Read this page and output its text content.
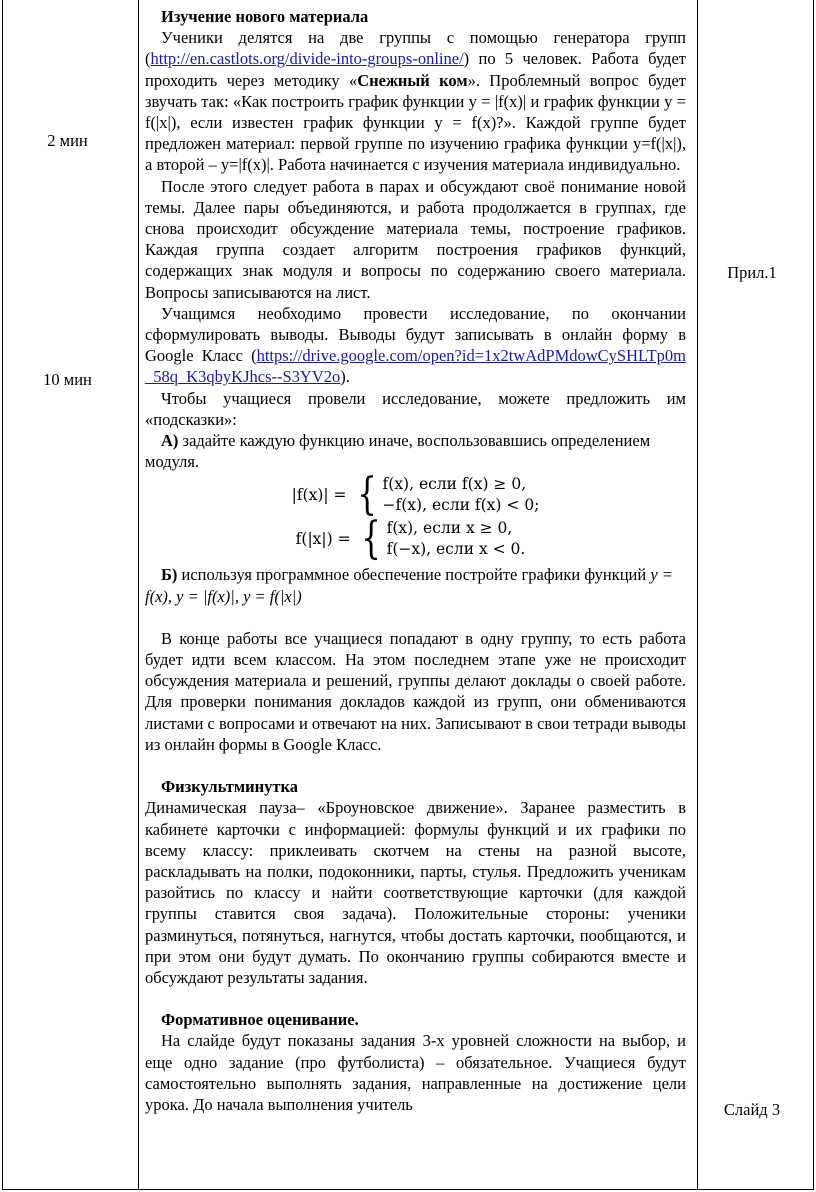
2 мин
10 мин
Прил.1
Слайд 3
Изучение нового материала

Ученики делятся на две группы с помощью генератора групп (http://en.castlots.org/divide-into-groups-online/) по 5 человек. Работа будет проходить через методику «Снежный ком». Проблемный вопрос будет звучать так: «Как построить график функции y = |f(x)| и график функции y = f(|x|), если известен график функции y = f(x)?». Каждой группе будет предложен материал: первой группе по изучению графика функции y=f(|x|), а второй – y=|f(x)|. Работа начинается с изучения материала индивидуально.

После этого следует работа в парах и обсуждают своё понимание новой темы. Далее пары объединяются, и работа продолжается в группах, где снова происходит обсуждение материала темы, построение графиков. Каждая группа создает алгоритм построения графиков функций, содержащих знак модуля и вопросы по содержанию своего материала. Вопросы записываются на лист.

Учащимся необходимо провести исследование, по окончании сформулировать выводы. Выводы будут записывать в онлайн форму в Google Класс (https://drive.google.com/open?id=1x2twAdPMdowCySHLTp0m_58q_K3qbyKJhcs--S3YV2o).

Чтобы учащиеся провели исследование, можете предложить им «подсказки»:

А) задайте каждую функцию иначе, воспользовавшись определением модуля.

|f(x)| = { f(x), если f(x) ≥ 0,
−f(x), если f(x) < 0;
f(|x|) = { f(x), если x ≥ 0,
f(−x), если x < 0.

Б) используя программное обеспечение постройте графики функций y = f(x), y = |f(x)|, y = f(|x|)

В конце работы все учащиеся попадают в одну группу, то есть работа будет идти всем классом. На этом последнем этапе уже не происходит обсуждения материала и решений, группы делают доклады о своей работе. Для проверки понимания докладов каждой из групп, они обмениваются листами с вопросами и отвечают на них. Записывают в свои тетради выводы из онлайн формы в Google Класс.

Физкультминутка

Динамическая пауза– «Броуновское движение». Заранее разместить в кабинете карточки с информацией: формулы функций и их графики по всему классу: приклеивать скотчем на стены на разной высоте, раскладывать на полки, подоконники, парты, стулья. Предложить ученикам разойтись по классу и найти соответствующие карточки (для каждой группы ставится своя задача). Положительные стороны: ученики разминуться, потянуться, нагнутся, чтобы достать карточки, пообщаются, и при этом они будут думать. По окончанию группы собираются вместе и обсуждают результаты задания.

Формативное оценивание.

На слайде будут показаны задания 3-х уровней сложности на выбор, и еще одно задание (про футболиста) – обязательное. Учащиеся будут самостоятельно выполнять задания, направленные на достижение цели урока. До начала выполнения учитель
